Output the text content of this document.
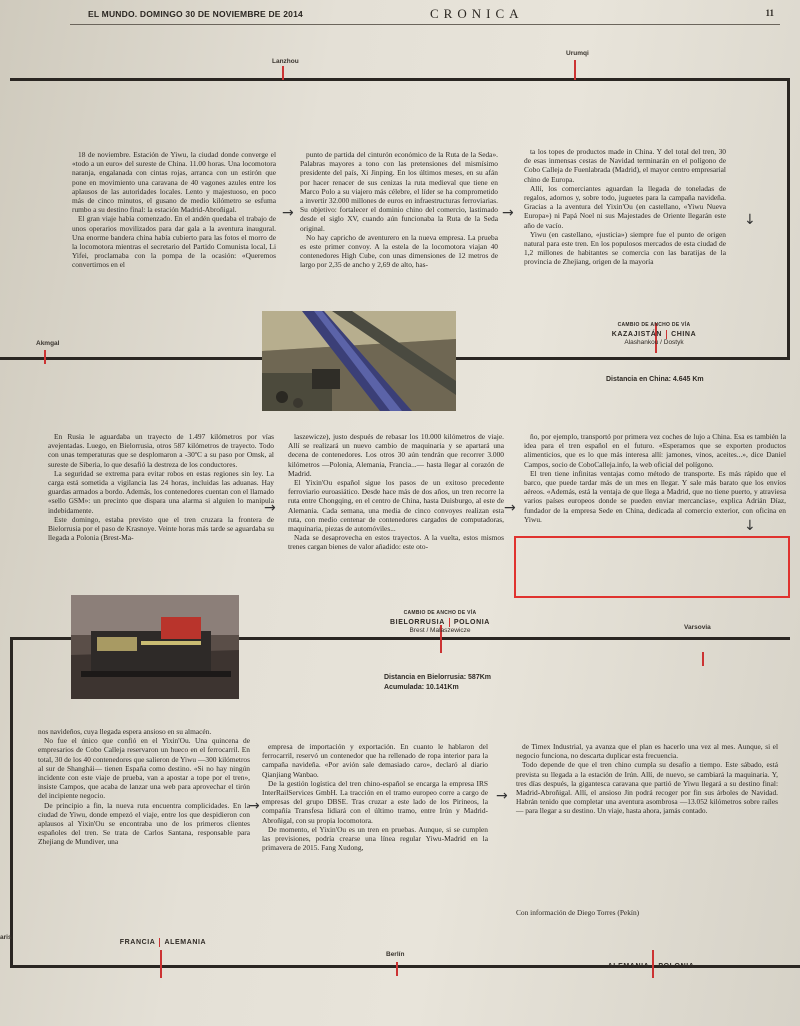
EL MUNDO. DOMINGO 30 DE NOVIEMBRE DE 2014	CRONICA	11
Lanzhou
Urumqi
Akmgal
Varsovia
aris
Berlín
CAMBIO DE ANCHO DE VÍA
KAZAJISTÁN CHINA
Alashankou / Dostyk
Distancia en China: 4.645 Km
CAMBIO DE ANCHO DE VÍA
BIELORRUSIA POLONIA
Brest / Malaszewicze
Distancia en Bielorrusia: 587Km
Acumulada: 10.141Km
FRANCIA ALEMANIA
ALEMANIA POLONIA

18 de noviembre. Estación de Yiwu, la ciudad donde converge el «todo a un euro» del sureste de China. 11.00 horas. Una locomotora naranja, engalanada con cintas rojas, arranca con un estirón que pone en movimiento una caravana de 40 vagones azules entre los aplausos de las autoridades locales. Lento y majestuoso, en poco más de cinco minutos, el gusano de medio kilómetro se esfuma rumbo a su destino final: la estación Madrid-Abroñigal.

El gran viaje había comenzado. En el andén quedaba el trabajo de unos operarios movilizados para dar gala a la aventura inaugural. Una enorme bandera china había cubierto para las fotos el morro de la locomotora mientras el secretario del Partido Comunista local, Li Yifei, proclamaba con la pompa de la ocasión: «Queremos convertirnos en el

→

punto de partida del cinturón económico de la Ruta de la Seda». Palabras mayores a tono con las pretensiones del mismísimo presidente del país, Xi Jinping. En los últimos meses, en su afán por hacer renacer de sus cenizas la ruta medieval que tiene en Marco Polo a su viajero más célebre, el líder se ha comprometido a invertir 32.000 millones de euros en infraestructuras ferroviarias. Su objetivo: fortalecer el dominio chino del comercio, lastimado desde el siglo XV, cuando aún funcionaba la Ruta de la Seda original.

No hay capricho de aventurero en la nueva empresa. La prueba es este primer convoy. A la estela de la locomotora viajan 40 contenedores High Cube, con unas dimensiones de 12 metros de largo por 2,35 de ancho y 2,69 de alto, has-

→

ta los topes de productos made in China. Y del total del tren, 30 de esas inmensas cestas de Navidad terminarán en el polígono de Cobo Calleja de Fuenlabrada (Madrid), el mayor centro empresarial chino de Europa.

Allí, los comerciantes aguardan la llegada de toneladas de regalos, adornos y, sobre todo, juguetes para la campaña navideña. Gracias a la aventura del Yixin'Ou (en castellano, «Yiwu Nueva Europa») ni Papá Noel ni sus Majestades de Oriente llegarán este año de vacío.

Yiwu (en castellano, «justicia») siempre fue el punto de origen natural para este tren. En los populosos mercados de esta ciudad de 1,2 millones de habitantes se comercia con las baratijas de la provincia de Zhejiang, origen de la mayoría

↓

En Rusia le aguardaba un trayecto de 1.497 kilómetros por vías avejentadas. Luego, en Bielorrusia, otros 587 kilómetros de trayecto. Todo con unas temperaturas que se desplomaron a -30ºC a su paso por Omsk, al sureste de Siberia, lo que desafió la destreza de los conductores.

La seguridad se extrema para evitar robos en estas regiones sin ley. La carga está sometida a vigilancia las 24 horas, incluidas las aduanas. Hay guardas armados a bordo. Además, los contenedores cuentan con el llamado «sello GSM»: un precinto que dispara una alarma si alguien lo manipula indebidamente.

Este domingo, estaba previsto que el tren cruzara la frontera de Bielorrusia por el paso de Krasnoye. Veinte horas más tarde se aguardaba su llegada a Polonia (Brest-Ma-

→

laszewicze), justo después de rebasar los 10.000 kilómetros de viaje. Allí se realizará un nuevo cambio de maquinaria y se apartará una decena de contenedores. Los otros 30 aún tendrán que recorrer 3.000 kilómetros —Polonia, Alemania, Francia...— hasta llegar al corazón de Madrid.

El Yixin'Ou español sigue los pasos de un exitoso precedente ferroviario euroasiático. Desde hace más de dos años, un tren recorre la ruta entre Chongqing, en el centro de China, hasta Duisburgo, al este de Alemania. Cada semana, una media de cinco convoyes realizan esta ruta, con medio centenar de contenedores cargados de computadoras, maquinaria, piezas de automóviles...

Nada se desaprovecha en estos trayectos. A la vuelta, estos mismos trenes cargan bienes de valor añadido: este oto-

→

ño, por ejemplo, transportó por primera vez coches de lujo a China. Esa es también la idea para el tren español en el futuro. «Esperamos que se exporten productos alimenticios, que es lo que más interesa allí: jamones, vinos, aceites...», dice Daniel Campos, socio de CoboCalleja.info, la web oficial del polígono.

El tren tiene infinitas ventajas como método de transporte. Es más rápido que el barco, que puede tardar más de un mes en llegar. Y sale más barato que los envíos aéreos. «Además, está la ventaja de que llega a Madrid, que no tiene puerto, y atraviesa varios países europeos donde se pueden enviar mercancías», explica Adrián Díaz, fundador de la empresa Sede en China, dedicada al comercio exterior, con oficina en Yiwu.	↓

nos navideños, cuya llegada espera ansioso en su almacén.

No fue el único que confió en el Yixin'Ou. Una quincena de empresarios de Cobo Calleja reservaron un hueco en el ferrocarril. En total, 30 de los 40 contenedores que salieron de Yiwu —300 kilómetros al sur de Shanghái— tienen España como destino. «Si no hay ningún incidente con este viaje de prueba, van a apostar a tope por el tren», insiste Campos, que acaba de lanzar una web para aprovechar el tirón del incipiente negocio.

De principio a fin, la nueva ruta encuentra complicidades. En la ciudad de Yiwu, donde empezó el viaje, entre los que despidieron con aplausos al Yixin'Ou se encontraba uno de los primeros clientes españoles del tren. Se trata de Carlos Santana, responsable para Zhejiang de Mundiver, una

→

empresa de importación y exportación. En cuanto le hablaron del ferrocarril, reservó un contenedor que ha rellenado de ropa interior para la campaña navideña. «Por avión sale demasiado caro», declaró al diario Qianjiang Wanbao.

De la gestión logística del tren chino-español se encarga la empresa IRS InterRailServices GmbH. La tracción en el tramo europeo corre a cargo de empresas del grupo DBSE. Tras cruzar a este lado de los Pirineos, la compañía Transfesa lidiará con el último tramo, entre Irún y Madrid-Abroñigal, con su propia locomotora.

De momento, el Yixin'Ou es un tren en pruebas. Aunque, si se cumplen las previsiones, podría crearse una línea regular Yiwu-Madrid en la primavera de 2015. Fang Xudong,

→

de Timex Industrial, ya avanza que el plan es hacerlo una vez al mes. Aunque, si el negocio funciona, no descarta duplicar esta frecuencia.

Todo depende de que el tren chino cumpla su desafío a tiempo. Este sábado, está prevista su llegada a la estación de Irún. Allí, de nuevo, se cambiará la maquinaria. Y, tres días después, la gigantesca caravana que partió de Yiwu llegará a su destino final: Madrid-Abroñigal. Allí, el ansioso Jin podrá recoger por fin sus árboles de Navidad. Habrán tenido que completar una aventura asombrosa —13.052 kilómetros sobre raíles— para llegar a su destino. Un viaje, hasta ahora, jamás contado.

Con información de Diego Torres (Pekín)
